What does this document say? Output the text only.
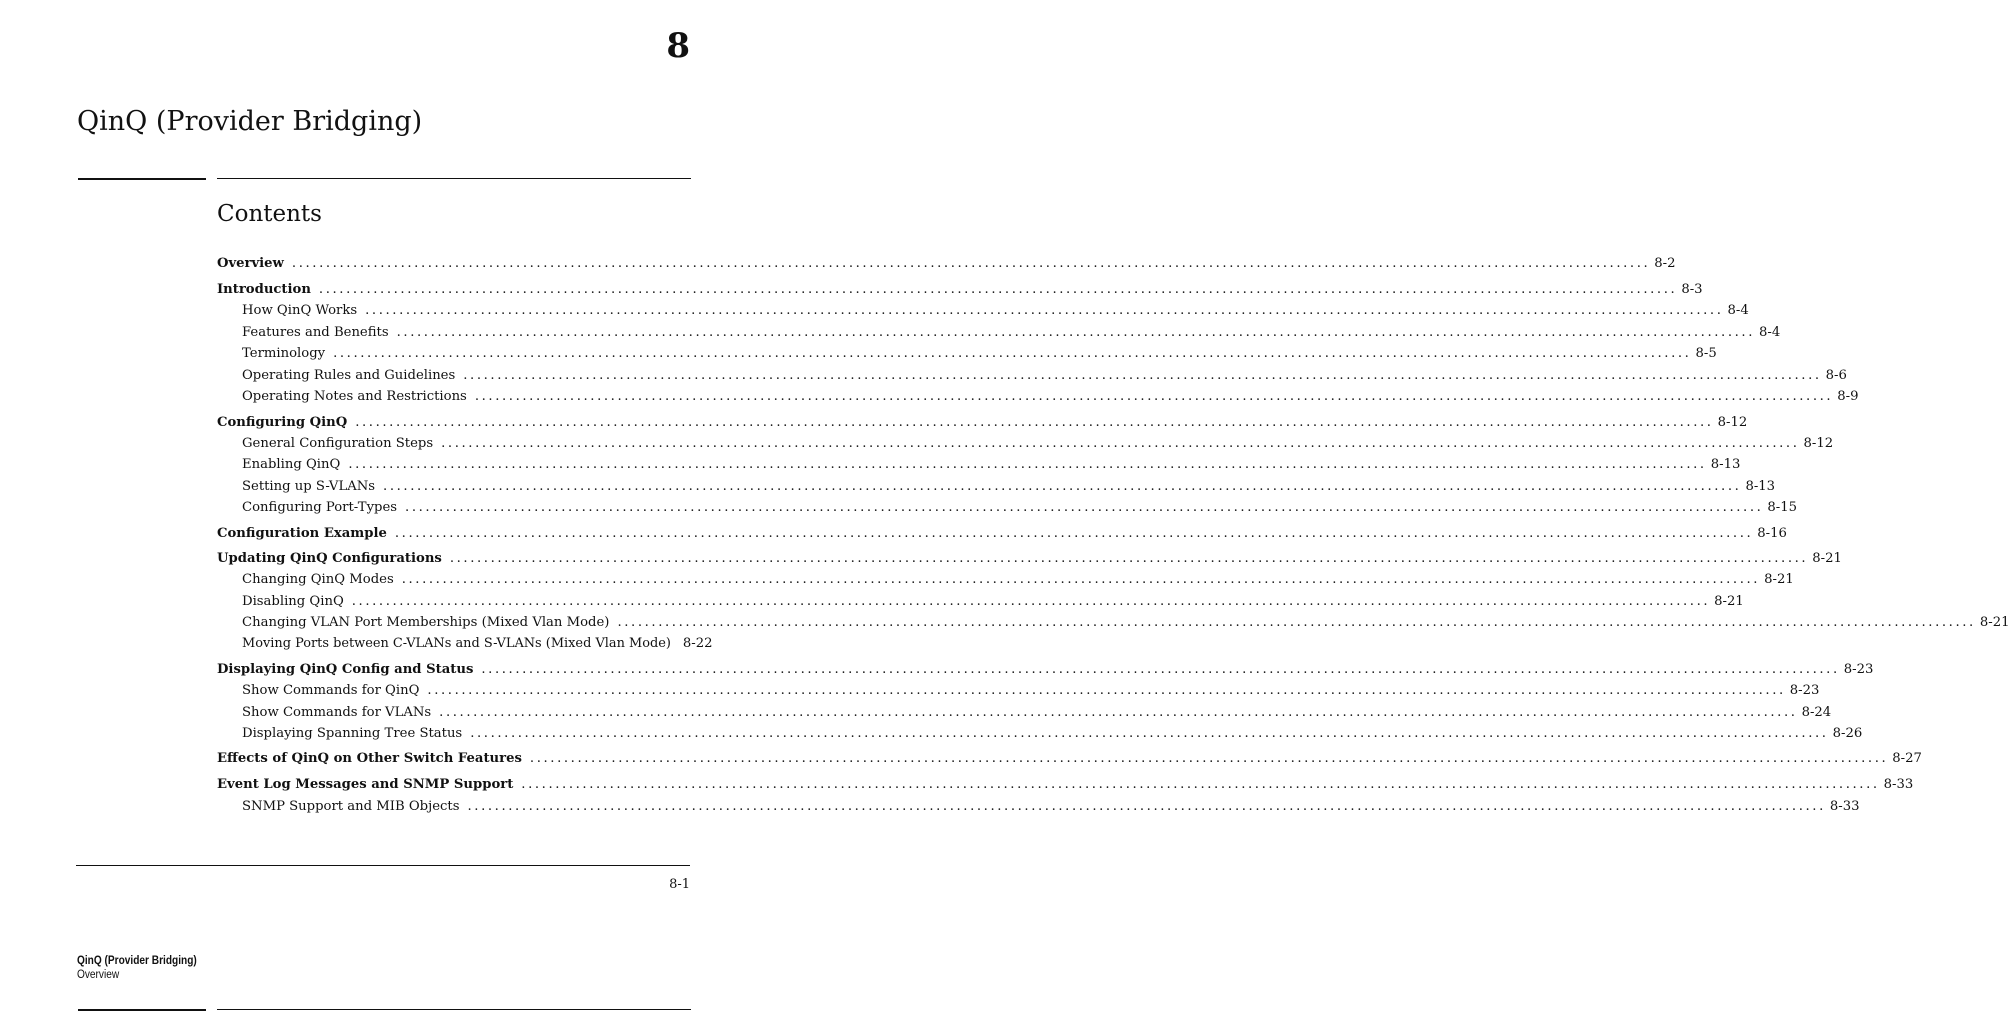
8
QinQ (Provider Bridging)
Contents
Overview ........................................................................................................................................................................................................ 8-2
Introduction ........................................................................................................................................................................................................ 8-3
How QinQ Works ........................................................................................................................................................................................................ 8-4
Features and Benefits ........................................................................................................................................................................................................ 8-4
Terminology ........................................................................................................................................................................................................ 8-5
Operating Rules and Guidelines ........................................................................................................................................................................................................ 8-6
Operating Notes and Restrictions ........................................................................................................................................................................................................ 8-9
Configuring QinQ ........................................................................................................................................................................................................ 8-12
General Configuration Steps ........................................................................................................................................................................................................ 8-12
Enabling QinQ ........................................................................................................................................................................................................ 8-13
Setting up S-VLANs ........................................................................................................................................................................................................ 8-13
Configuring Port-Types ........................................................................................................................................................................................................ 8-15
Configuration Example ........................................................................................................................................................................................................ 8-16
Updating QinQ Configurations ........................................................................................................................................................................................................ 8-21
Changing QinQ Modes ........................................................................................................................................................................................................ 8-21
Disabling QinQ ........................................................................................................................................................................................................ 8-21
Changing VLAN Port Memberships (Mixed Vlan Mode) ........................................................................................................................................................................................................ 8-21
Moving Ports between C-VLANs and S-VLANs (Mixed Vlan Mode) 8-22
Displaying QinQ Config and Status ........................................................................................................................................................................................................ 8-23
Show Commands for QinQ ........................................................................................................................................................................................................ 8-23
Show Commands for VLANs ........................................................................................................................................................................................................ 8-24
Displaying Spanning Tree Status ........................................................................................................................................................................................................ 8-26
Effects of QinQ on Other Switch Features ........................................................................................................................................................................................................ 8-27
Event Log Messages and SNMP Support ........................................................................................................................................................................................................ 8-33
SNMP Support and MIB Objects ........................................................................................................................................................................................................ 8-33
8-1
QinQ (Provider Bridging)
Overview
